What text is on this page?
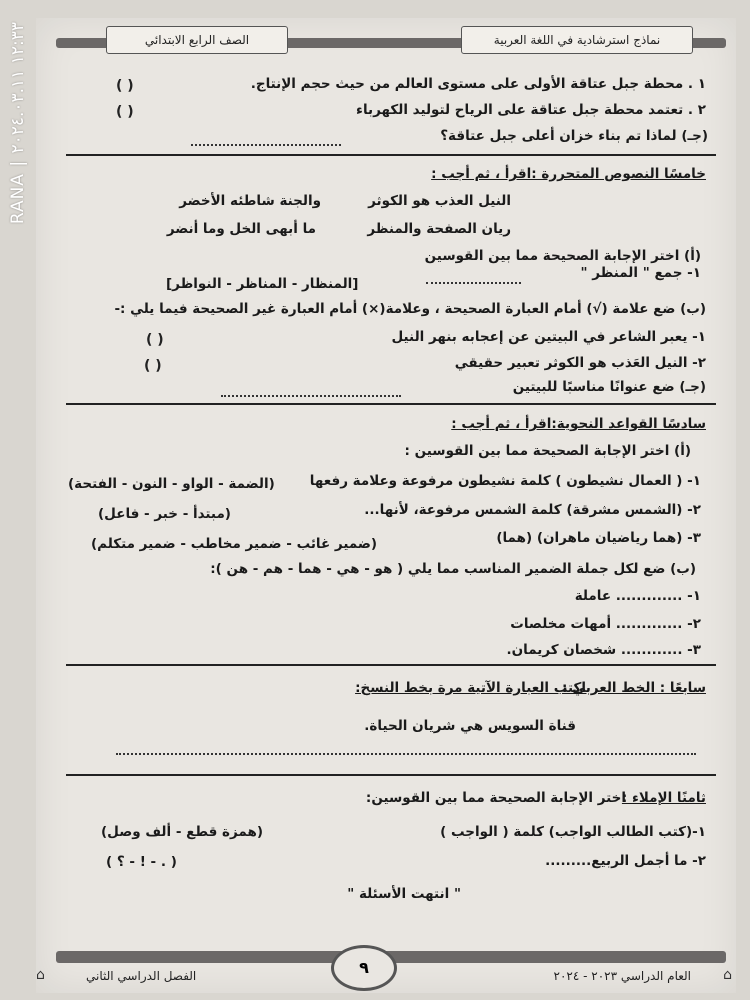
نماذج استرشادية في اللغة العربية
الصف الرابع الابتدائي
١ . محطة جبل عتاقة الأولى على مستوى العالم من حيث حجم الإنتاج.
( )
٢ . تعتمد محطة جبل عتاقة على الرياح لتوليد الكهرباء
( )
(جـ) لماذا تم بناء خزان أعلى جبل عتاقة؟
خامسًا النصوص المتحررة :اقرأ ، ثم أجب :
النيل العذب هو الكوثر
والجنة شاطئه الأخضر
ريان الصفحة والمنظر
ما أبهى الخل وما أنضر
(أ) اختر الإجابة الصحيحة مما بين القوسين
١- جمع " المنظر "
[المنظار - المناظر - النواظر]
(ب) ضع علامة (√) أمام العبارة الصحيحة ، وعلامة(×) أمام العبارة غير الصحيحة فيما يلي :-
١- يعبر الشاعر في البيتين عن إعجابه بنهر النيل
( )
٢- النيل العَذب هو الكوثر تعبير حقيقي
( )
(جـ) ضع عنوانًا مناسبًا للبيتين
سادسًا القواعد النحوية:اقرأ ، ثم أجب :
(أ) اختر الإجابة الصحيحة مما بين القوسين :
١- ( العمال نشيطون ) كلمة نشيطون مرفوعة وعلامة رفعها
(الضمة - الواو - النون - الفتحة)
٢- (الشمس مشرقة) كلمة الشمس مرفوعة، لأنها...
(مبتدأ - خبر - فاعل)
٣- (هما رياضيان ماهران) (هما)
(ضمير غائب - ضمير مخاطب - ضمير متكلم)
(ب) ضع لكل جملة الضمير المناسب مما يلي ( هو - هي - هما - هم - هن ):
١- ............. عاملة
٢- ............. أمهات مخلصات
٣- ............ شخصان كريمان.
سابعًا : الخط العربي :
اكتب العبارة الآتية مرة بخط النسخ:
قناة السويس هي شريان الحياة.
ثامنًا الإملاء :
اختر الإجابة الصحيحة مما بين القوسين:
١-(كتب الطالب الواجب) كلمة ( الواجب )
(همزة قطع - ألف وصل)
٢- ما أجمل الربيع.........
( . - ! - ؟ )
" انتهت الأسئلة "
العام الدراسي ٢٠٢٣ - ٢٠٢٤
الفصل الدراسي الثاني	٩
⌂	⌂
RANA | ١٢:٣٣ ٢٠٢٤.٠٣.١١
